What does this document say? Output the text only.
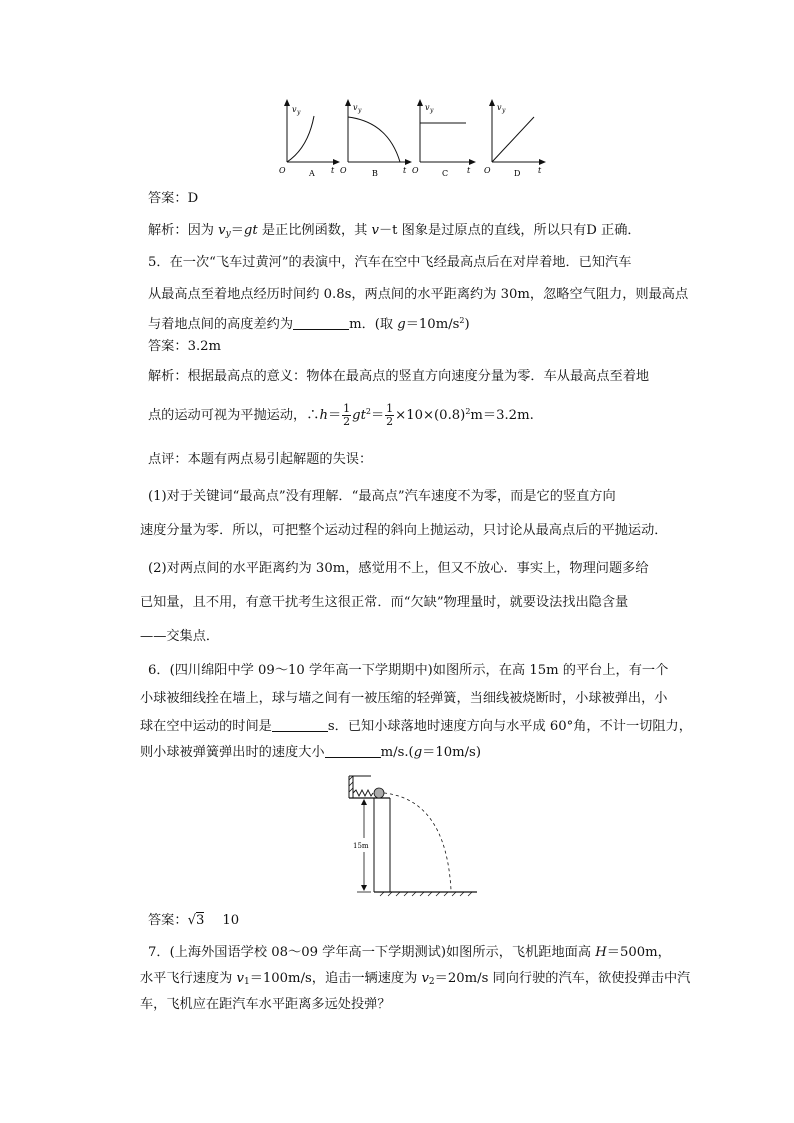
v y
t
O	A
v y
t
O	B
v y
t
O	C
v y
t
O	D
答案：D
解析：因为 $v_y=gt$ 是正比例函数，其 v－t 图象是过原点的直线，所以只有D 正确．
5．在一次“飞车过黄河”的表演中，汽车在空中飞经最高点后在对岸着地．已知汽车
从最高点至着地点经历时间约 0.8s，两点间的水平距离约为 30m，忽略空气阻力，则最高点
与着地点间的高度差约为	m．(取 $g=10m/s^2$)
答案：3.2m
解析：根据最高点的意义：物体在最高点的竖直方向速度分量为零．车从最高点至着地
点的运动可视为平抛运动，∴h＝ $\frac{1}{2} gt^2= \frac{1}{2} \times 10\times(0.8)^2m=3.2m$.
点评：本题有两点易引起解题的失误：
(1)对于关键词“最高点”没有理解．“最高点”汽车速度不为零，而是它的竖直方向
速度分量为零．所以，可把整个运动过程的斜向上抛运动，只讨论从最高点后的平抛运动．
(2)对两点间的水平距离约为 30m，感觉用不上，但又不放心．事实上，物理问题多给
已知量，且不用，有意干扰考生这很正常．而“欠缺”物理量时，就要设法找出隐含量
——交集点．
6．(四川绵阳中学 09～10 学年高一下学期期中)如图所示，在高 15m 的平台上，有一个
小球被细线拴在墙上，球与墙之间有一被压缩的轻弹簧，当细线被烧断时，小球被弹出，小
球在空中运动的时间是	s．已知小球落地时速度方向与水平成 60°角，不计一切阻力，
则小球被弹簧弹出时的速度大小	m/s.(g＝10m/s)
15m
答案：√3 10
7．(上海外国语学校 08～09 学年高一下学期测试)如图所示，飞机距地面高 H＝500m，
水平飞行速度为 $v_1=100m/s$，追击一辆速度为 $v_2=20m/s$ 同向行驶的汽车，欲使投弹击中汽
车，飞机应在距汽车水平距离多远处投弹？
